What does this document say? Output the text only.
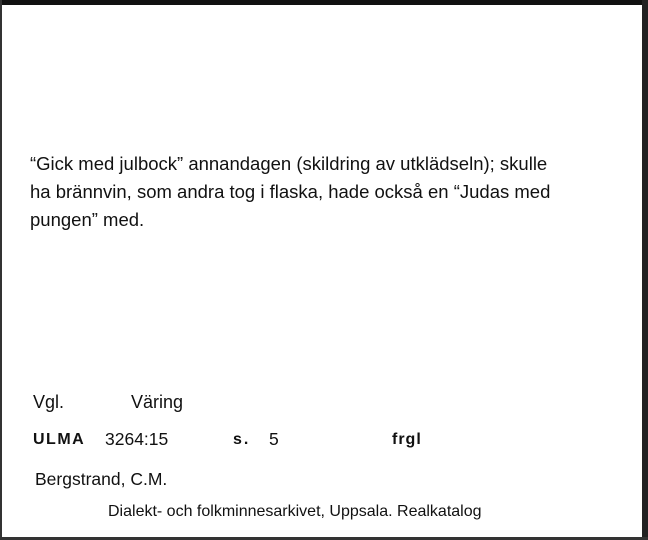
“Gick med julbock” annandagen (skildring av utklädseln); skulle
ha brännvin, som andra tog i flaska, hade också en “Judas med
pungen” med.
Vgl.	Väring
ULMA 3264:15	s. 5	frgl
Bergstrand, C.M.
Dialekt- och folkminnesarkivet, Uppsala. Realkatalog
